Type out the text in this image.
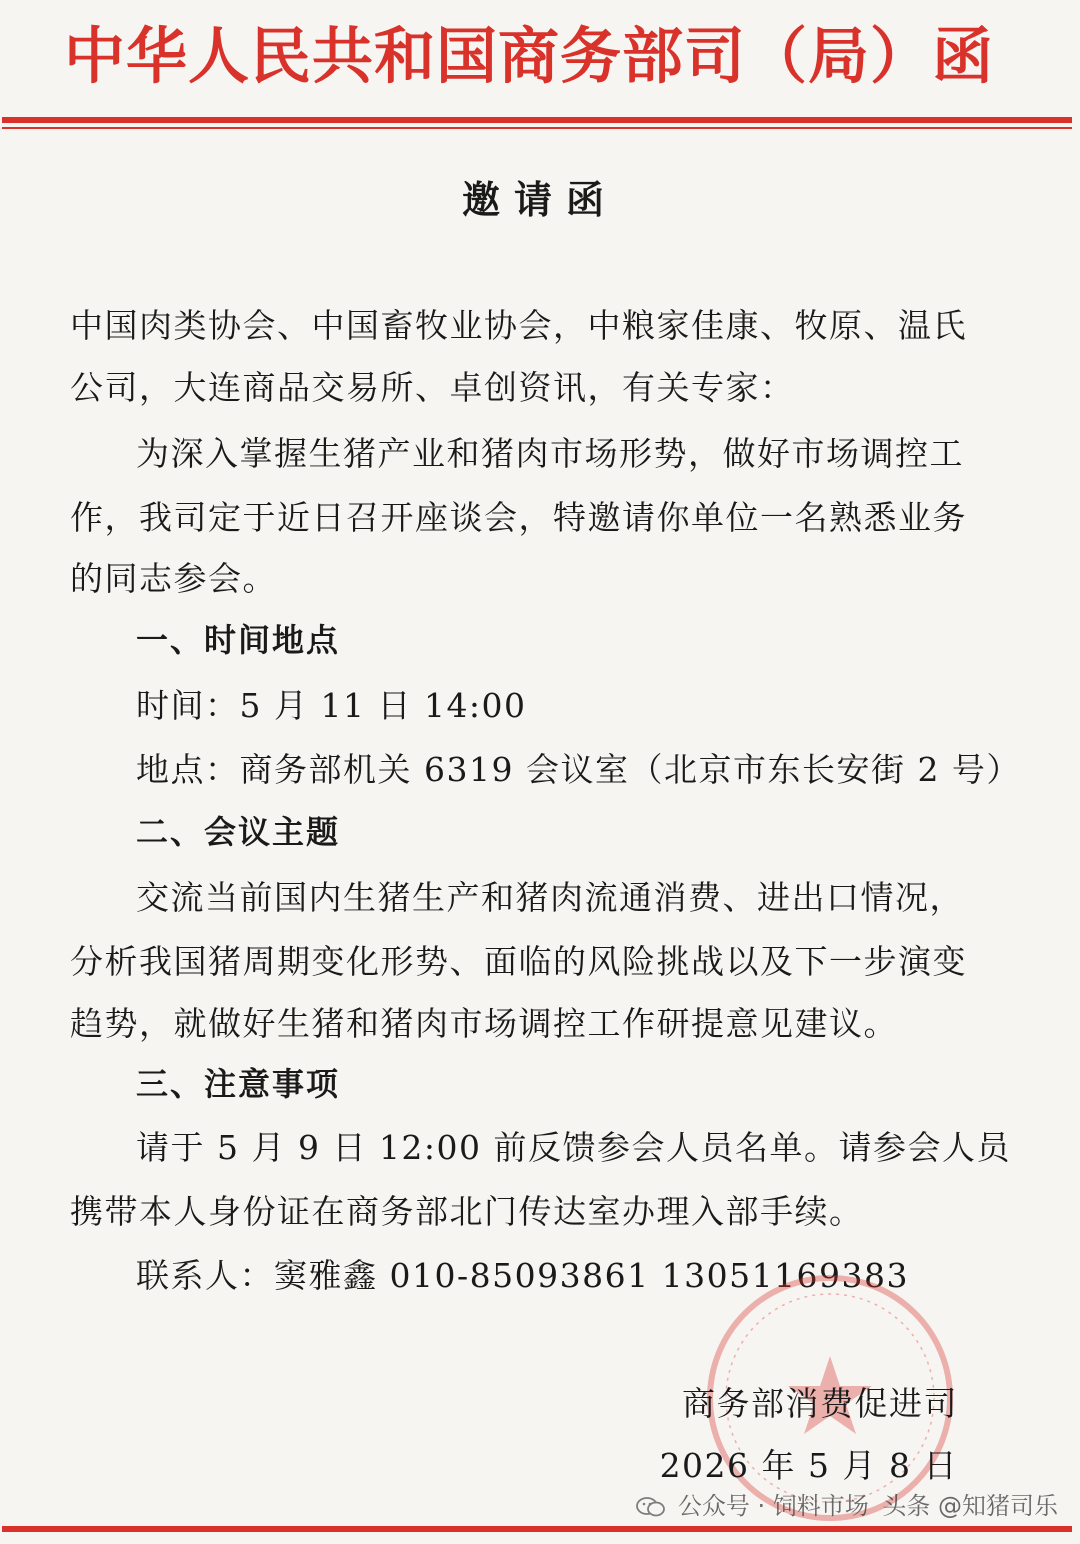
中华人民共和国商务部司（局）函
邀请函
中国肉类协会、中国畜牧业协会，中粮家佳康、牧原、温氏
公司，大连商品交易所、卓创资讯，有关专家：
为深入掌握生猪产业和猪肉市场形势，做好市场调控工
作，我司定于近日召开座谈会，特邀请你单位一名熟悉业务
的同志参会。
一、时间地点
时间：5 月 11 日 14:00
地点：商务部机关 6319 会议室（北京市东长安街 2 号）
二、会议主题
交流当前国内生猪生产和猪肉流通消费、进出口情况，
分析我国猪周期变化形势、面临的风险挑战以及下一步演变
趋势，就做好生猪和猪肉市场调控工作研提意见建议。
三、注意事项
请于 5 月 9 日 12:00 前反馈参会人员名单。请参会人员
携带本人身份证在商务部北门传达室办理入部手续。
联系人：窦雅鑫 010-85093861 13051169383
商务部消费促进司
2026 年 5 月 8 日
公众号 · 饲料市场 头条 @知猪司乐
